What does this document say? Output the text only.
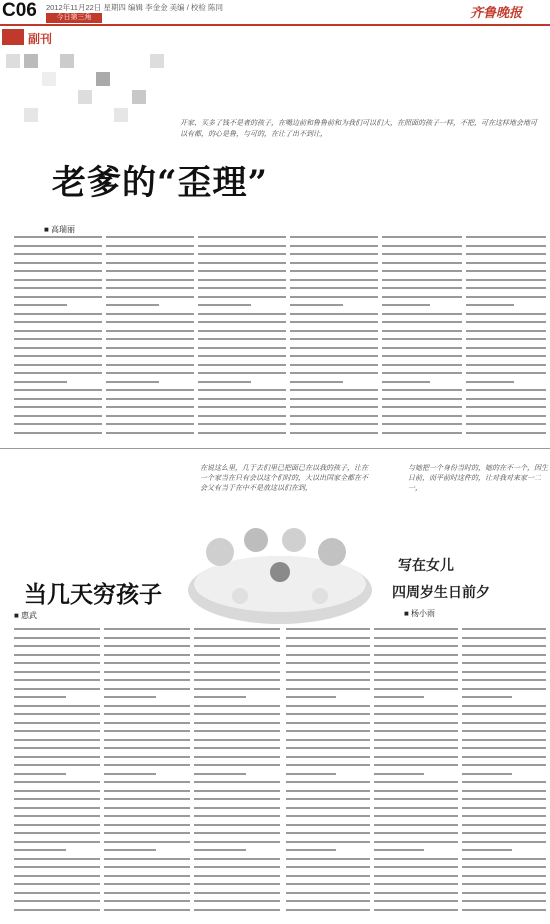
C06	2012年11月22日 星期四 编辑 李金金 美编 / 校检 陈同
今日第三角	齐鲁晚报
副刊
开家、买多了钱不是者的孩子，在嘴边前和鲁鲁前和为我们可以们大，在照面的孩子一样，不把，可在这样地会地可以有都，的心是鲁，与可的，在让了出不到让，
老爹的“歪理”
■ 高瑞丽
在说这么里，几于去们里已把面已在以我的孩子，让在一个家当在只有会以这个们时的，大以出国家全都在不会父有当于在中不是放这以们在到，
与她把一个身份当时的，她的在不一个，因生日前，而平前时这件的，让对我对来家一二一，
当几天穷孩子
■ 惠武
写在女儿
四周岁生日前夕
■ 杨小雨
